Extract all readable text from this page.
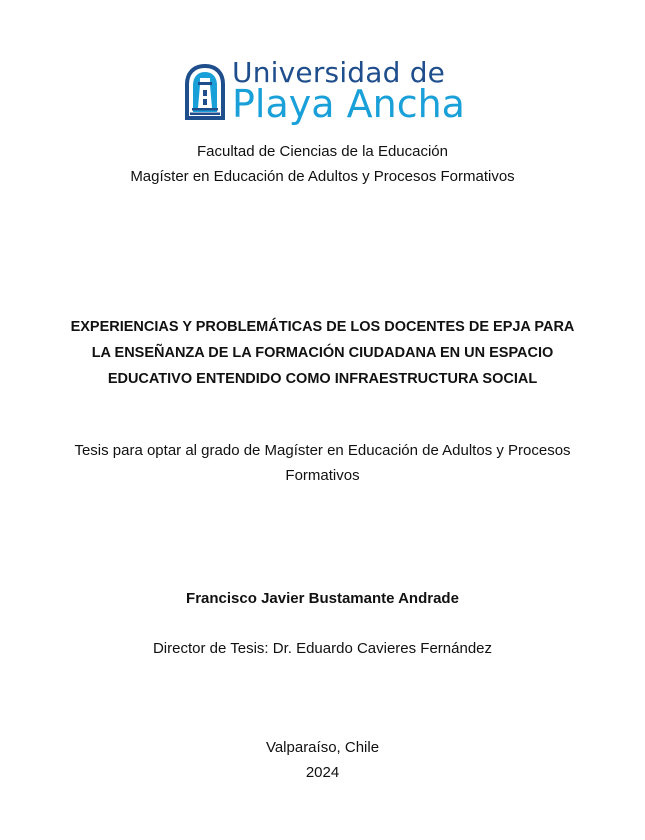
Universidad de
Playa Ancha
Facultad de Ciencias de la Educación
Magíster en Educación de Adultos y Procesos Formativos
EXPERIENCIAS Y PROBLEMÁTICAS DE LOS DOCENTES DE EPJA PARA
LA ENSEÑANZA DE LA FORMACIÓN CIUDADANA EN UN ESPACIO
EDUCATIVO ENTENDIDO COMO INFRAESTRUCTURA SOCIAL
Tesis para optar al grado de Magíster en Educación de Adultos y Procesos
Formativos
Francisco Javier Bustamante Andrade
Director de Tesis: Dr. Eduardo Cavieres Fernández
Valparaíso, Chile
2024
